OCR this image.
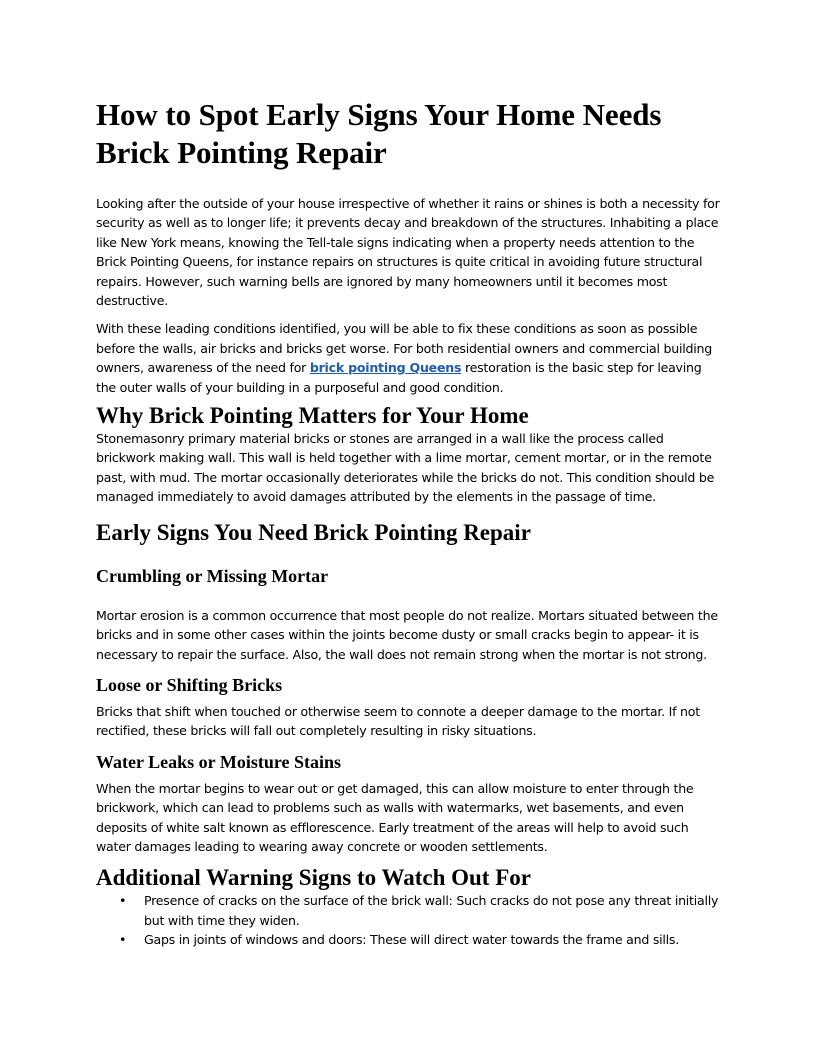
How to Spot Early Signs Your Home Needs Brick Pointing Repair

Looking after the outside of your house irrespective of whether it rains or shines is both a necessity for security as well as to longer life; it prevents decay and breakdown of the structures. Inhabiting a place like New York means, knowing the Tell-tale signs indicating when a property needs attention to the Brick Pointing Queens, for instance repairs on structures is quite critical in avoiding future structural repairs. However, such warning bells are ignored by many homeowners until it becomes most destructive.

With these leading conditions identified, you will be able to fix these conditions as soon as possible before the walls, air bricks and bricks get worse. For both residential owners and commercial building owners, awareness of the need for brick pointing Queens restoration is the basic step for leaving the outer walls of your building in a purposeful and good condition.

Why Brick Pointing Matters for Your Home

Stonemasonry primary material bricks or stones are arranged in a wall like the process called brickwork making wall. This wall is held together with a lime mortar, cement mortar, or in the remote past, with mud. The mortar occasionally deteriorates while the bricks do not. This condition should be managed immediately to avoid damages attributed by the elements in the passage of time.

Early Signs You Need Brick Pointing Repair
Crumbling or Missing Mortar

Mortar erosion is a common occurrence that most people do not realize. Mortars situated between the bricks and in some other cases within the joints become dusty or small cracks begin to appear- it is necessary to repair the surface. Also, the wall does not remain strong when the mortar is not strong.

Loose or Shifting Bricks

Bricks that shift when touched or otherwise seem to connote a deeper damage to the mortar. If not rectified, these bricks will fall out completely resulting in risky situations.

Water Leaks or Moisture Stains

When the mortar begins to wear out or get damaged, this can allow moisture to enter through the brickwork, which can lead to problems such as walls with watermarks, wet basements, and even deposits of white salt known as efflorescence. Early treatment of the areas will help to avoid such water damages leading to wearing away concrete or wooden settlements.

Additional Warning Signs to Watch Out For
• Presence of cracks on the surface of the brick wall: Such cracks do not pose any threat initially but with time they widen.
• Gaps in joints of windows and doors: These will direct water towards the frame and sills.
